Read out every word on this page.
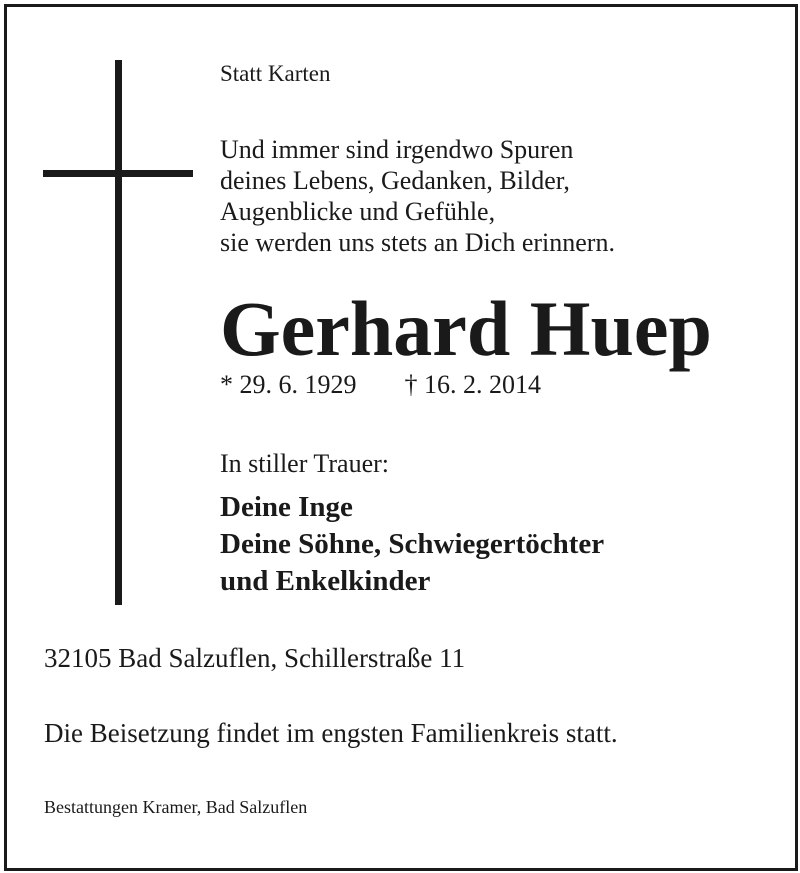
Statt Karten
Und immer sind irgendwo Spuren
deines Lebens, Gedanken, Bilder,
Augenblicke und Gefühle,
sie werden uns stets an Dich erinnern.
Gerhard Huep
* 29. 6. 1929 † 16. 2. 2014
In stiller Trauer:
Deine Inge
Deine Söhne, Schwiegertöchter
und Enkelkinder
32105 Bad Salzuflen, Schillerstraße 11
Die Beisetzung findet im engsten Familienkreis statt.
Bestattungen Kramer, Bad Salzuflen
